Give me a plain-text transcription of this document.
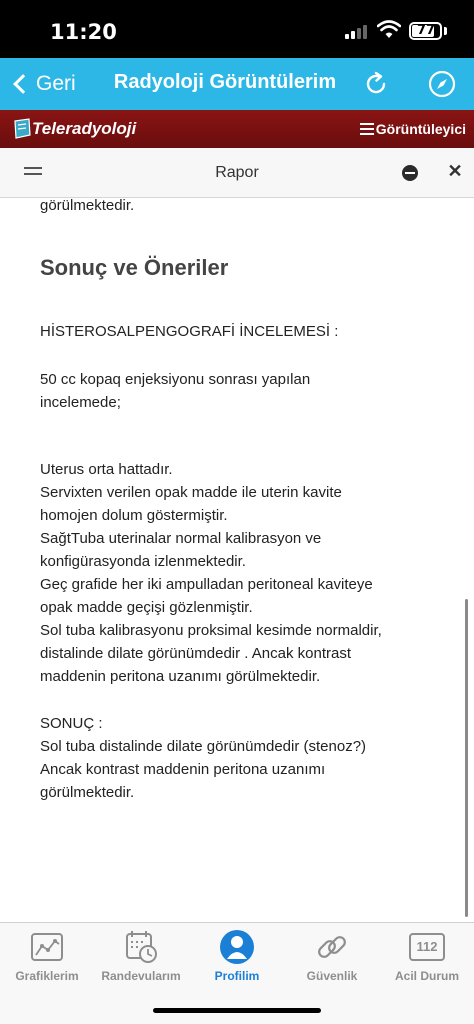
11:20	77
Geri	Radyoloji Görüntülerim
Teleradyoloji	Görüntüleyici
Rapor	✕

görülmektedir.

Sonuç ve Öneriler

HİSTEROSALPENGOGRAFİ İNCELEMESİ :

50 cc kopaq enjeksiyonu sonrası yapılan
incelemede;

Uterus orta hattadır.
Servixten verilen opak madde ile uterin kavite
homojen dolum göstermiştir.
SağtTuba uterinalar normal kalibrasyon ve
konfigürasyonda izlenmektedir.
Geç grafide her iki ampulladan peritoneal kaviteye
opak madde geçişi gözlenmiştir.
Sol tuba kalibrasyonu proksimal kesimde normaldir,
distalinde dilate görünümdedir . Ancak kontrast
maddenin peritona uzanımı görülmektedir.

SONUÇ :
Sol tuba distalinde dilate görünümdedir (stenoz?)
Ancak kontrast maddenin peritona uzanımı
görülmektedir.

Grafiklerim	Randevularım	Profilim	Güvenlik
112
Acil Durum
